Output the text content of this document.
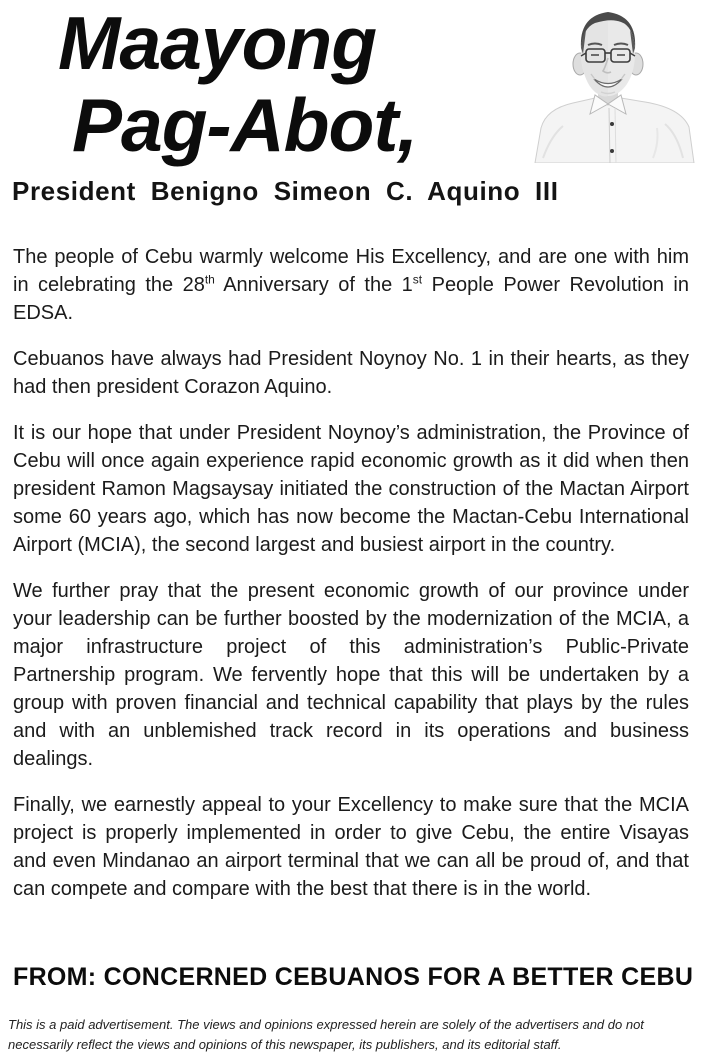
Maayong
Pag-Abot,
President Benigno Simeon C. Aquino III

The people of Cebu warmly welcome His Excellency, and are one with him in celebrating the 28th Anniversary of the 1st People Power Revolution in EDSA.

Cebuanos have always had President Noynoy No. 1 in their hearts, as they had then president Corazon Aquino.

It is our hope that under President Noynoy’s administration, the Province of Cebu will once again experience rapid economic growth as it did when then president Ramon Magsaysay initiated the construction of the Mactan Airport some 60 years ago, which has now become the Mactan-Cebu International Airport (MCIA), the second largest and busiest airport in the country.

We further pray that the present economic growth of our province under your leadership can be further boosted by the modernization of the MCIA, a major infrastructure project of this administration’s Public-Private Partnership program. We fervently hope that this will be undertaken by a group with proven financial and technical capability that plays by the rules and with an unblemished track record in its operations and business dealings.

Finally, we earnestly appeal to your Excellency to make sure that the MCIA project is properly implemented in order to give Cebu, the entire Visayas and even Mindanao an airport terminal that we can all be proud of, and that can compete and compare with the best that there is in the world.

FROM: CONCERNED CEBUANOS FOR A BETTER CEBU
This is a paid advertisement. The views and opinions expressed herein are solely of the advertisers and do not necessarily reflect the views and opinions of this newspaper, its publishers, and its editorial staff.
